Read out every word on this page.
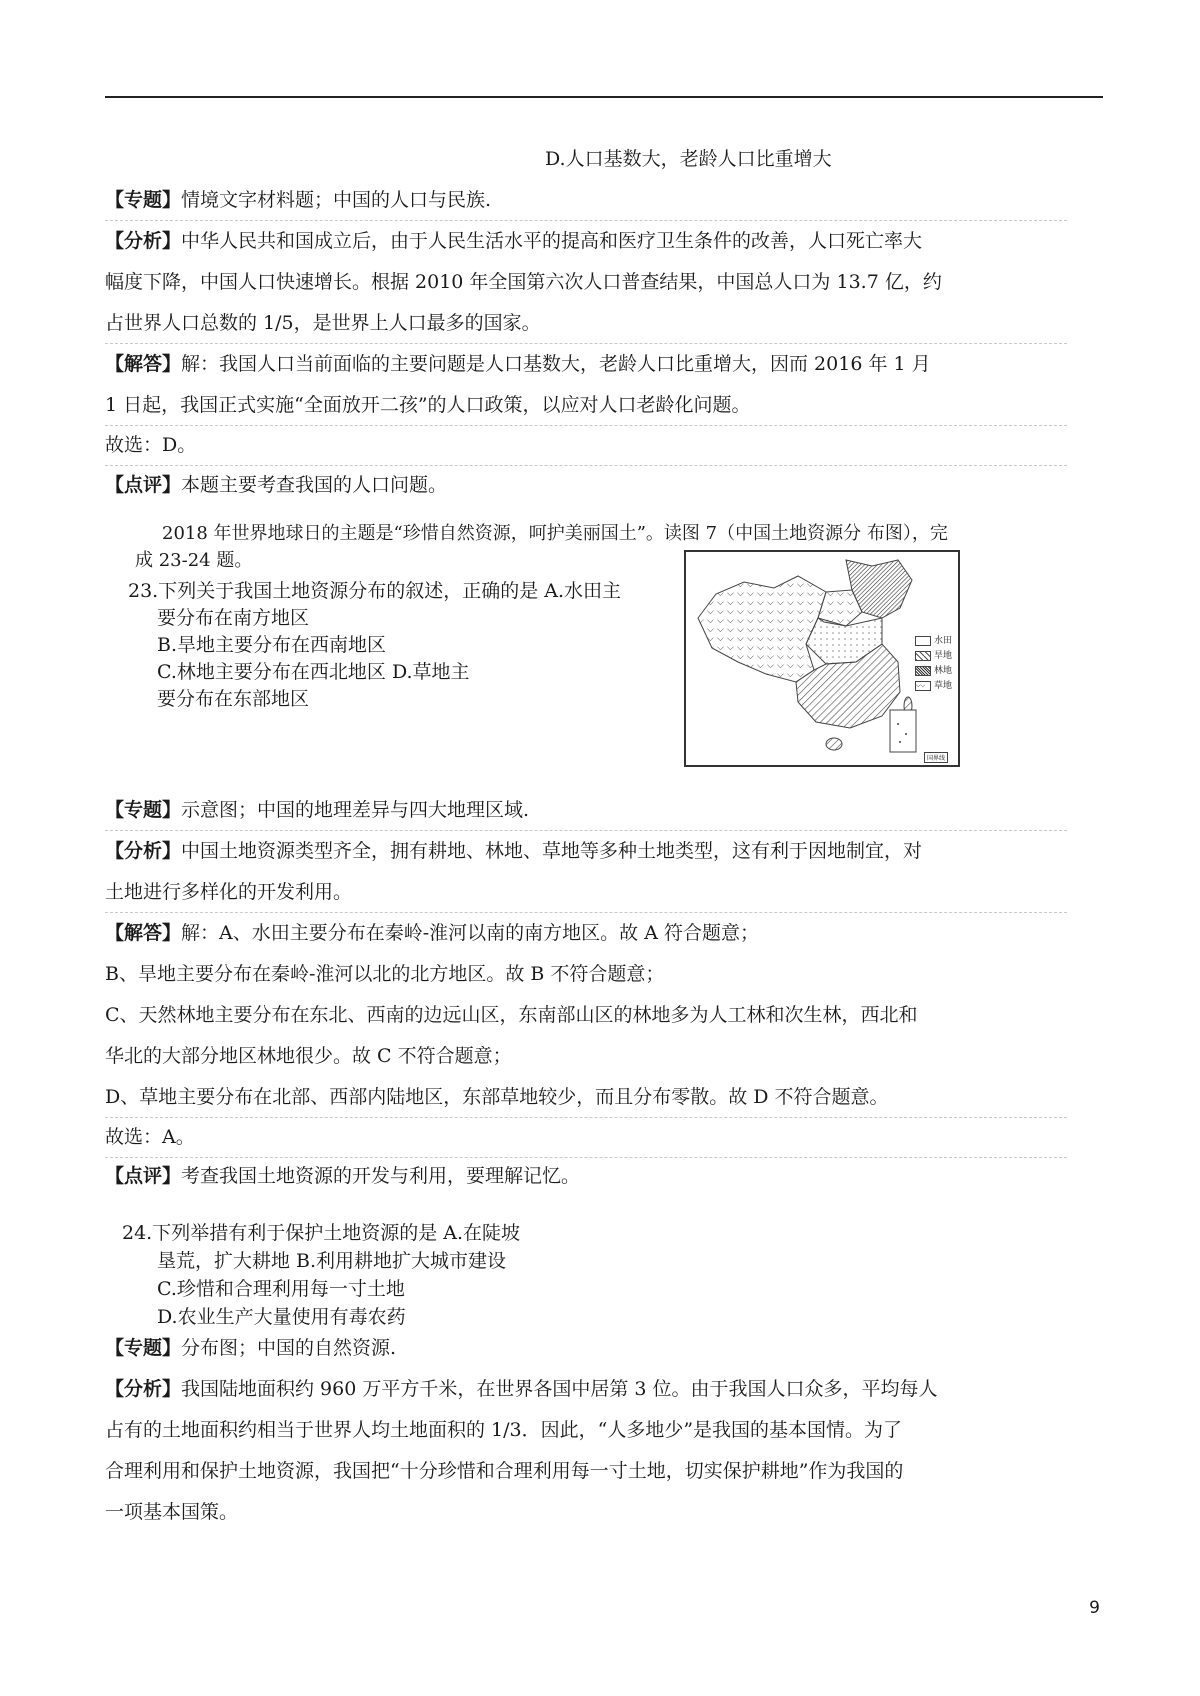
D.人口基数大，老龄人口比重增大
【专题】情境文字材料题；中国的人口与民族.
【分析】中华人民共和国成立后，由于人民生活水平的提高和医疗卫生条件的改善，人口死亡率大
幅度下降，中国人口快速增长。根据 2010 年全国第六次人口普查结果，中国总人口为 13.7 亿，约
占世界人口总数的 1/5，是世界上人口最多的国家。
【解答】解：我国人口当前面临的主要问题是人口基数大，老龄人口比重增大，因而 2016 年 1 月
1 日起，我国正式实施“全面放开二孩”的人口政策，以应对人口老龄化问题。
故选：D。
【点评】本题主要考查我国的人口问题。
2018 年世界地球日的主题是“珍惜自然资源，呵护美丽国土”。读图 7（中国土地资源分 布图），完
成 23-24 题。
23.下列关于我国土地资源分布的叙述，正确的是 A.水田主
要分布在南方地区
B.旱地主要分布在西南地区
C.林地主要分布在西北地区 D.草地主
要分布在东部地区
水田
旱地
林地
⌵⌵ 草地
国界线
【专题】示意图；中国的地理差异与四大地理区域.
【分析】中国土地资源类型齐全，拥有耕地、林地、草地等多种土地类型，这有利于因地制宜，对
土地进行多样化的开发利用。
【解答】解：A、水田主要分布在秦岭-淮河以南的南方地区。故 A 符合题意；
B、旱地主要分布在秦岭-淮河以北的北方地区。故 B 不符合题意；
C、天然林地主要分布在东北、西南的边远山区，东南部山区的林地多为人工林和次生林，西北和
华北的大部分地区林地很少。故 C 不符合题意；
D、草地主要分布在北部、西部内陆地区，东部草地较少，而且分布零散。故 D 不符合题意。
故选：A。
【点评】考查我国土地资源的开发与利用，要理解记忆。
24.下列举措有利于保护土地资源的是 A.在陡坡
垦荒，扩大耕地 B.利用耕地扩大城市建设
C.珍惜和合理利用每一寸土地
D.农业生产大量使用有毒农药
【专题】分布图；中国的自然资源.
【分析】我国陆地面积约 960 万平方千米，在世界各国中居第 3 位。由于我国人口众多，平均每人
占有的土地面积约相当于世界人均土地面积的 1/3．因此，“人多地少”是我国的基本国情。为了
合理利用和保护土地资源，我国把“十分珍惜和合理利用每一寸土地，切实保护耕地”作为我国的
一项基本国策。
9
